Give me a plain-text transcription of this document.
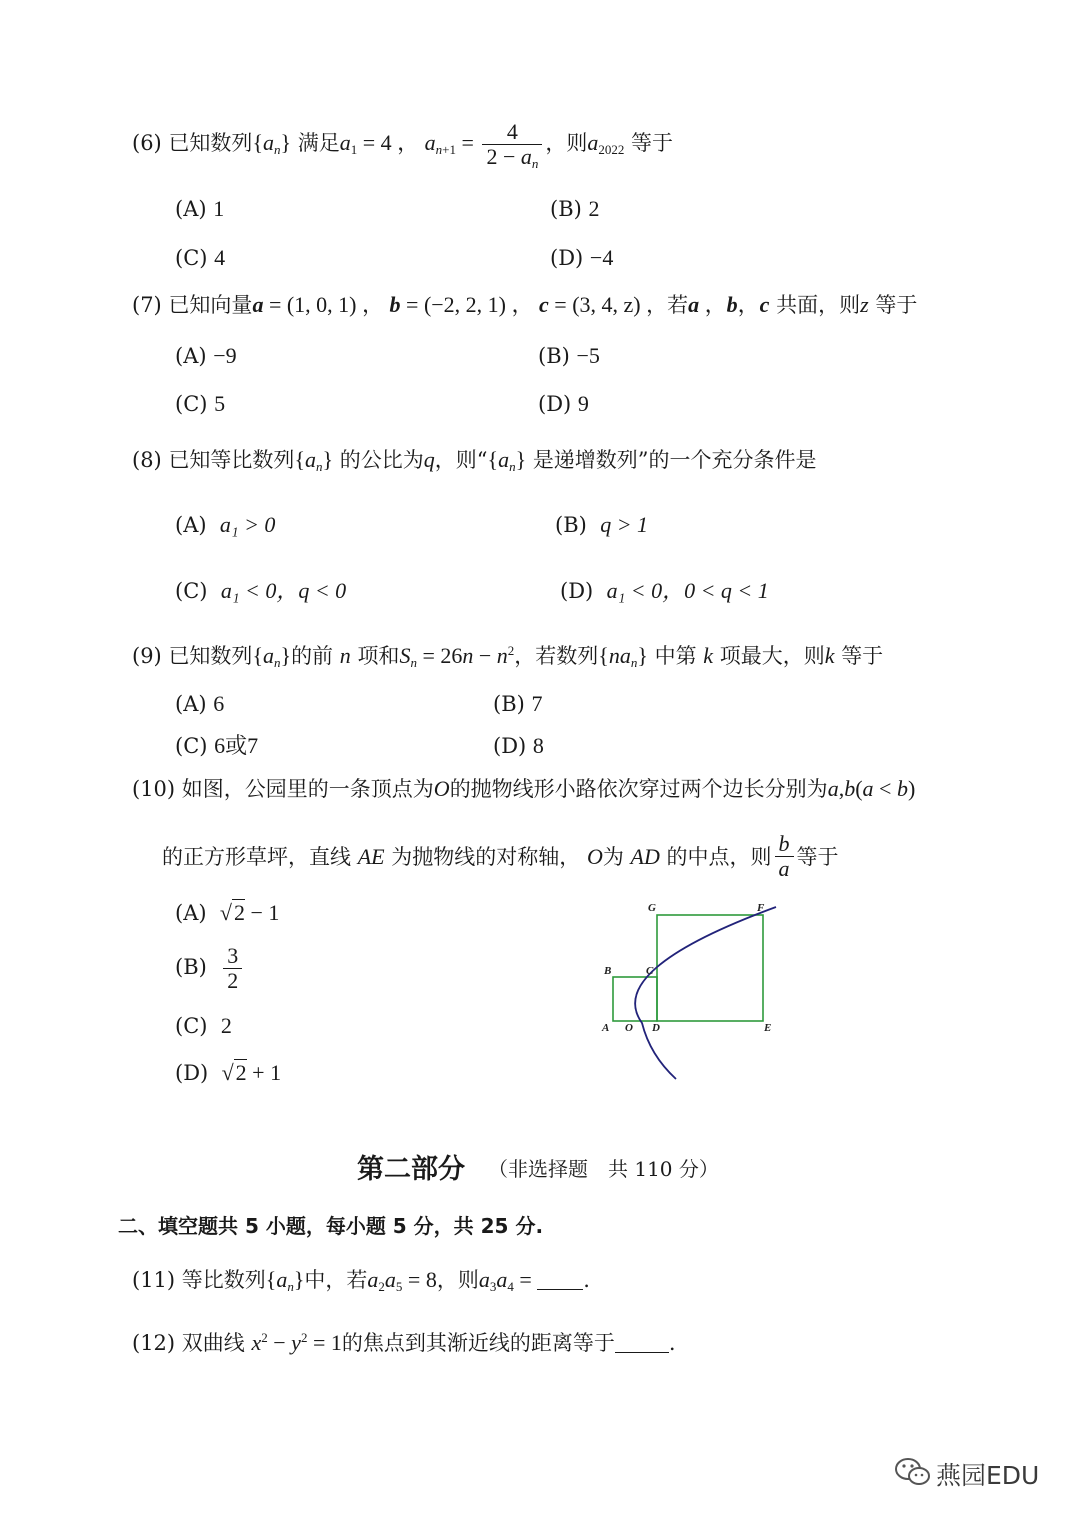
(6) 已知数列$\{a_n\}$ 满足$a_1 = 4$ ， $a_{n+1} = \frac{4}{2 - a_n}$ ，则$a_{2022}$ 等于
(A) 1	(B) 2
(C) 4	(D) −4
(7) 已知向量a = (1, 0, 1) ， b = (−2, 2, 1) ， c = (3, 4, z) ，若a ，b，c 共面，则z 等于
(A) −9	(B) −5
(C) 5	(D) 9
(8) 已知等比数列$\{a_n\}$ 的公比为q，则“$\{a_n\}$ 是递增数列”的一个充分条件是
(A) a₁ > 0	(B) q > 1
(C) a₁ < 0，q < 0	(D) a₁ < 0，0 < q < 1
(9) 已知数列$\{a_n\}$的前 n 项和$S_n = 26n - n^2$，若数列$\{na_n\}$ 中第 k 项最大，则k 等于
(A) 6	(B) 7
(C) 6或7	(D) 8
(10) 如图，公园里的一条顶点为O的抛物线形小路依次穿过两个边长分别为a,b(a < b)
的正方形草坪，直线 AE 为抛物线的对称轴， O为 AD 的中点，则 $\frac{b}{a}$ 等于
(A) √2 − 1
$(B) \frac{3}{2}$
(C) 2
(D) √2 + 1
G	F
B	C
A O D	E
第二部分 （非选择题　共 110 分）
二、填空题共 5 小题，每小题 5 分，共 25 分.
(11) 等比数列$\{a_n\}$中，若$a_2a_5 = 8$，则$a_3a_4$ = .
(12) 双曲线 $x^2 - y^2 = 1$的焦点到其渐近线的距离等于	.
燕园EDU
